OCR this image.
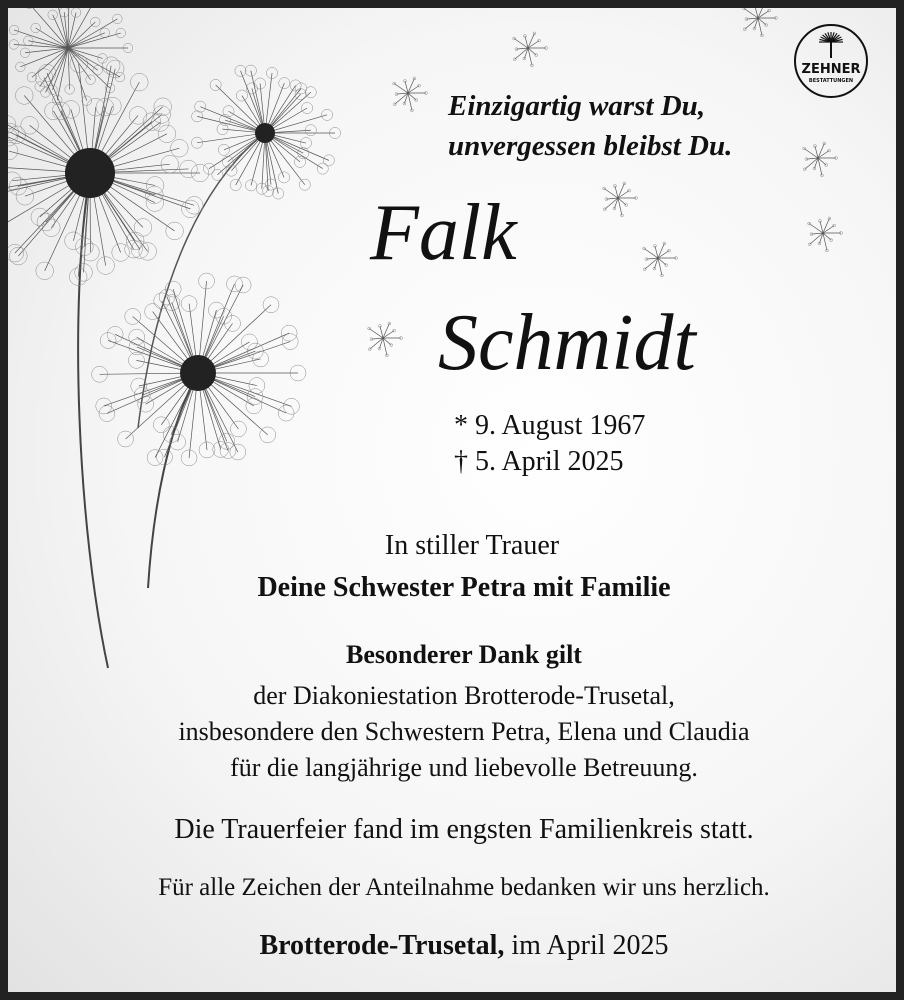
ZEHNER
BESTATTUNGEN
Einzigartig warst Du,
unvergessen bleibst Du.
Falk
Schmidt
* 9. August 1967
† 5. April 2025
In stiller Trauer
Deine Schwester Petra mit Familie
Besonderer Dank gilt
der Diakoniestation Brotterode-Trusetal,
insbesondere den Schwestern Petra, Elena und Claudia
für die langjährige und liebevolle Betreuung.
Die Trauerfeier fand im engsten Familienkreis statt.
Für alle Zeichen der Anteilnahme bedanken wir uns herzlich.
Brotterode-Trusetal, im April 2025
